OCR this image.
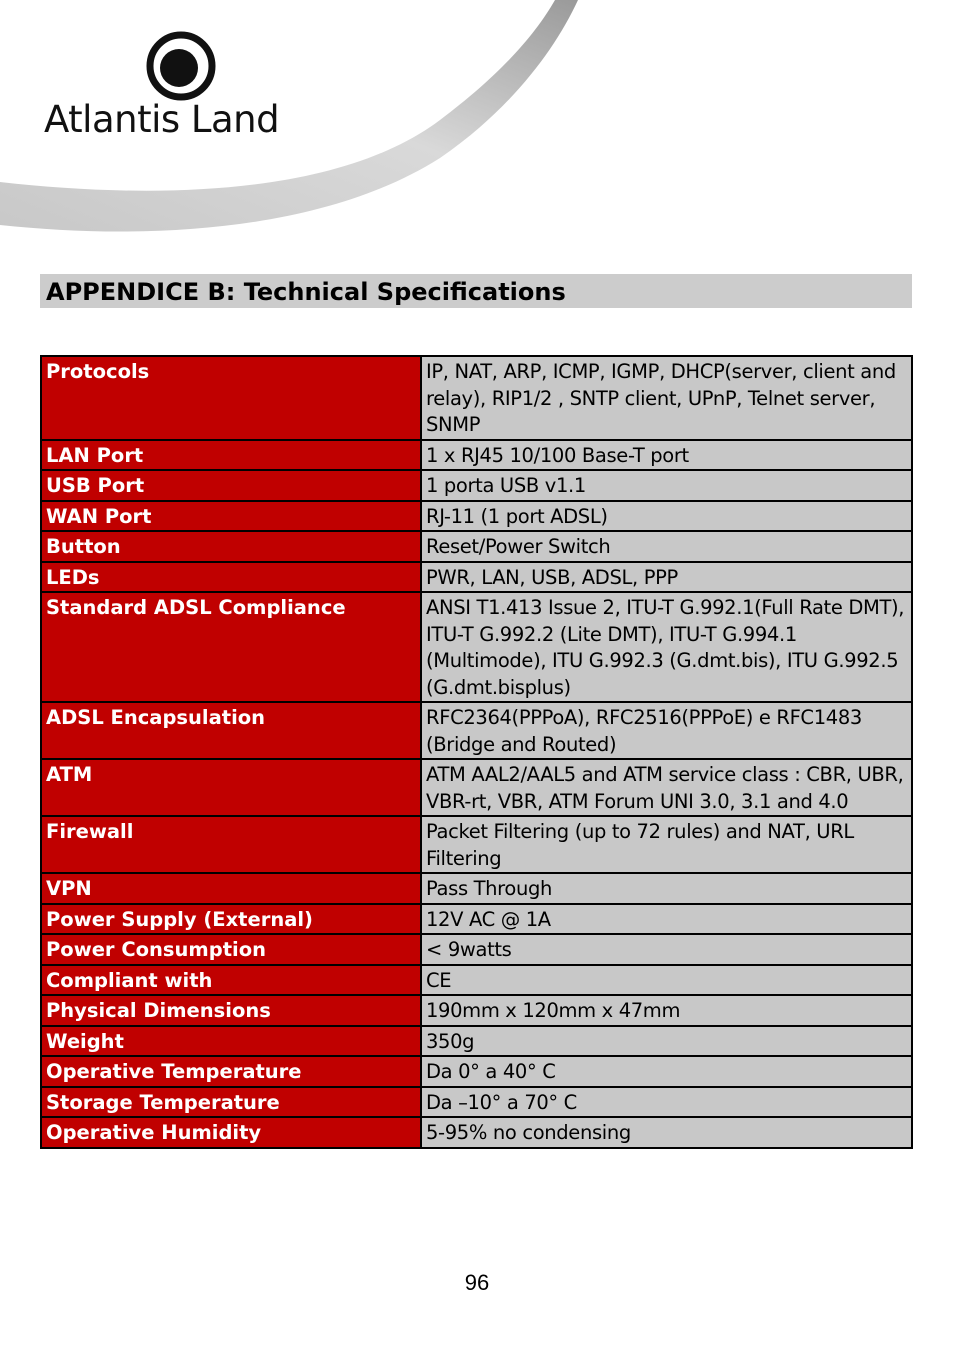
Atlantis Land
APPENDICE B: Technical Specifications
Protocols	IP, NAT, ARP, ICMP, IGMP, DHCP(server, client and relay), RIP1/2 , SNTP client, UPnP, Telnet server, SNMP
LAN Port	1 x RJ45 10/100 Base-T port
USB Port	1 porta USB v1.1
WAN Port	RJ-11 (1 port ADSL)
Button	Reset/Power Switch
LEDs	PWR, LAN, USB, ADSL, PPP
Standard ADSL Compliance	ANSI T1.413 Issue 2, ITU-T G.992.1(Full Rate DMT), ITU-T G.992.2 (Lite DMT), ITU-T G.994.1 (Multimode), ITU G.992.3 (G.dmt.bis), ITU G.992.5 (G.dmt.bisplus)
ADSL Encapsulation	RFC2364(PPPoA), RFC2516(PPPoE) e RFC1483 (Bridge and Routed)
ATM	ATM AAL2/AAL5 and ATM service class : CBR, UBR, VBR-rt, VBR, ATM Forum UNI 3.0, 3.1 and 4.0
Firewall	Packet Filtering (up to 72 rules) and NAT, URL Filtering
VPN	Pass Through
Power Supply (External)	12V AC @ 1A
Power Consumption	< 9watts
Compliant with	CE
Physical Dimensions	190mm x 120mm x 47mm
Weight	350g
Operative Temperature	Da 0° a 40° C
Storage Temperature	Da –10° a 70° C
Operative Humidity	5-95% no condensing
96
